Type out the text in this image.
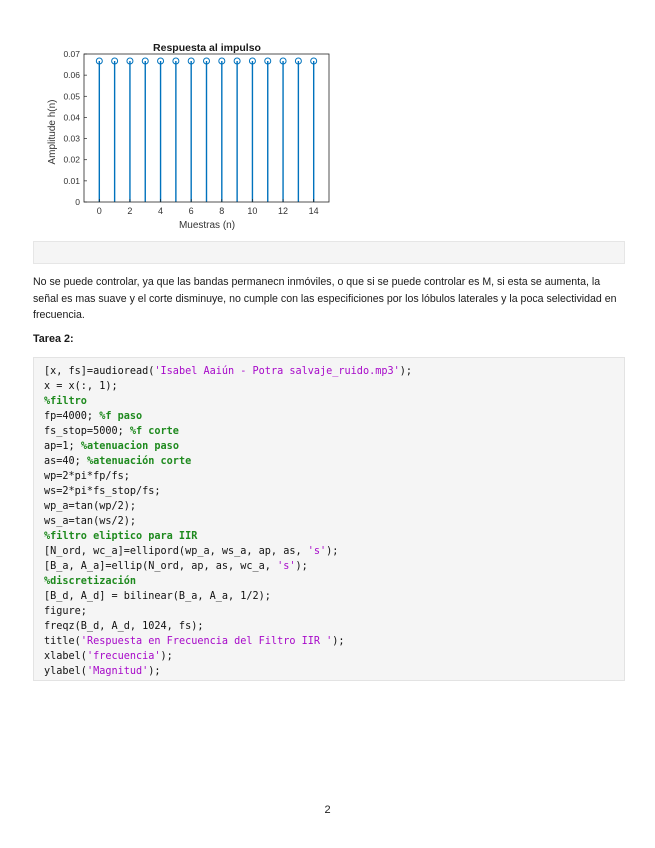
Respuesta al impulso
0
0.01
0.02
0.03
0.04
0.05
0.06
0.07
0	2	4	6	8	10 12 14
Muestras (n)
Amplitude h(n)

No se puede controlar, ya que las bandas permanecn inmóviles, o que si se puede controlar es M, si esta se aumenta, la señal es mas suave y el corte disminuye, no cumple con las especificiones por los lóbulos laterales y la poca selectividad en frecuencia.

Tarea 2:

[x, fs]=audioread('Isabel Aaiún - Potra salvaje_ruido.mp3');
x = x(:, 1);
%filtro
fp=4000; %f paso
fs_stop=5000; %f corte
ap=1; %atenuacion paso
as=40; %atenuación corte
wp=2*pi*fp/fs;
ws=2*pi*fs_stop/fs;
wp_a=tan(wp/2);
ws_a=tan(ws/2);
%filtro eliptico para IIR
[N_ord, wc_a]=ellipord(wp_a, ws_a, ap, as, 's');
[B_a, A_a]=ellip(N_ord, ap, as, wc_a, 's');
%discretización
[B_d, A_d] = bilinear(B_a, A_a, 1/2);
figure;
freqz(B_d, A_d, 1024, fs);
title('Respuesta en Frecuencia del Filtro IIR ');
xlabel('frecuencia');
ylabel('Magnitud');
2
